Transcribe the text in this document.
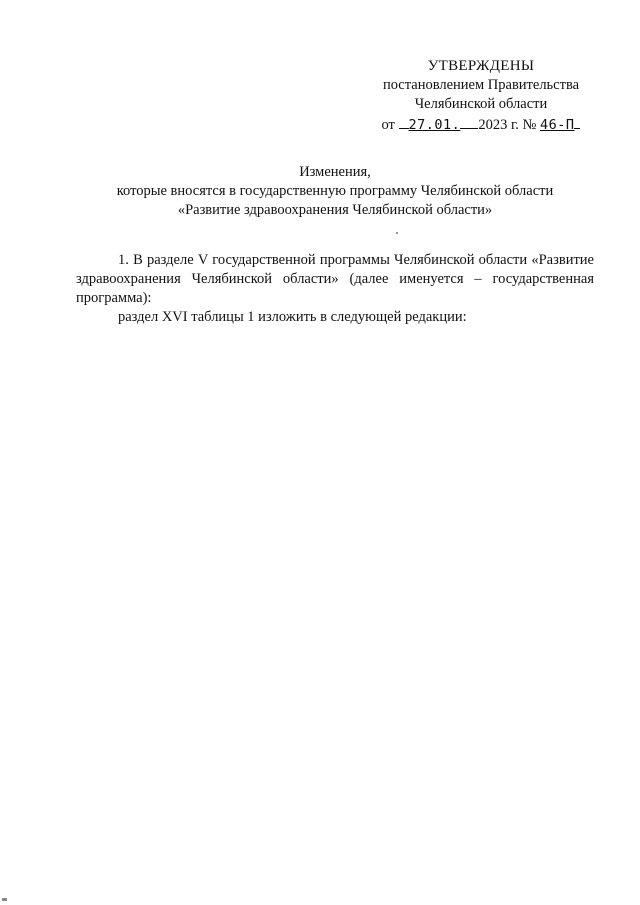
УТВЕРЖДЕНЫ
постановлением Правительства
Челябинской области
от 27.01. 2023 г. № 46-П
Изменения,
которые вносятся в государственную программу Челябинской области
«Развитие здравоохранения Челябинской области»

1. В разделе V государственной программы Челябинской области «Развитие здравоохранения Челябинской области» (далее именуется – государственная программа):

раздел XVI таблицы 1 изложить в следующей редакции:
